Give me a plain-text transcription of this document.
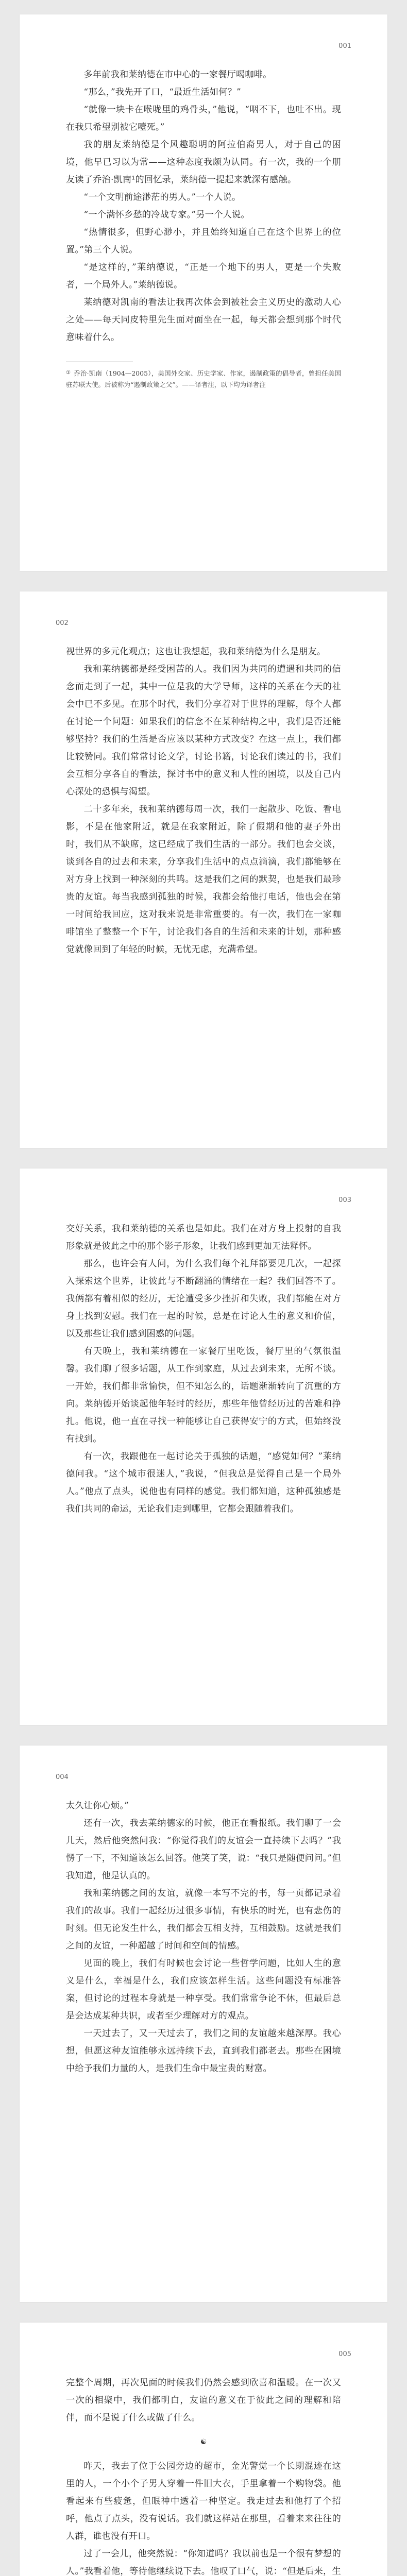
001

多年前我和莱纳德在市中心的一家餐厅喝咖啡。

“那么，”我先开了口，“最近生活如何？”

“就像一块卡在喉咙里的鸡骨头，”他说，“咽不下，也吐不出。现在我只希望别被它噎死。”

我的朋友莱纳德是个风趣聪明的阿拉伯裔男人，对于自己的困境，他早已习以为常——这种态度我颇为认同。有一次，我的一个朋友读了乔治·凯南¹的回忆录，莱纳德一提起来就深有感触。

“一个文明前途渺茫的男人。”一个人说。

“一个满怀乡愁的冷战专家。”另一个人说。

“热情很多，但野心渺小，并且始终知道自己在这个世界上的位置。”第三个人说。

“是这样的，”莱纳德说，“正是一个地下的男人，更是一个失败者，一个局外人。”莱纳德说。

莱纳德对凯南的看法让我再次体会到被社会主义历史的激动人心之处——每天同皮特里先生面对面坐在一起，每天都会想到那个时代意味着什么。

① 乔治·凯南（1904—2005），美国外交家、历史学家、作家，遏制政策的倡导者，曾担任美国驻苏联大使。后被称为“遏制政策之父”。——译者注，以下均为译者注
002

视世界的多元化观点；这也让我想起，我和莱纳德为什么是朋友。

我和莱纳德都是经受困苦的人。我们因为共同的遭遇和共同的信念而走到了一起，其中一位是我的大学导师，这样的关系在今天的社会中已不多见。在那个时代，我们分享着对于世界的理解，每个人都在讨论一个问题：如果我们的信念不在某种结构之中，我们是否还能够坚持？我们的生活是否应该以某种方式改变？在这一点上，我们都比较赞同。我们常常讨论文学，讨论书籍，讨论我们读过的书，我们会互相分享各自的看法，探讨书中的意义和人性的困境，以及自己内心深处的恐惧与渴望。

二十多年来，我和莱纳德每周一次，我们一起散步、吃饭、看电影，不是在他家附近，就是在我家附近，除了假期和他的妻子外出时，我们从不缺席，这已经成了我们生活的一部分。我们也会交谈，谈到各自的过去和未来，分享我们生活中的点点滴滴，我们都能够在对方身上找到一种深刻的共鸣。这是我们之间的默契，也是我们最珍贵的友谊。每当我感到孤独的时候，我都会给他打电话，他也会在第一时间给我回应，这对我来说是非常重要的。有一次，我们在一家咖啡馆坐了整整一个下午，讨论我们各自的生活和未来的计划，那种感觉就像回到了年轻的时候，无忧无虑，充满希望。

003

交好关系，我和莱纳德的关系也是如此。我们在对方身上投射的自我形象就是彼此之中的那个影子形象，让我们感到更加无法释怀。

那么，也许会有人问，为什么我们每个礼拜都要见几次，一起探入探索这个世界，让彼此与不断翻涌的情绪在一起？我们回答不了。我俩都有着相似的经历，无论遭受多少挫折和失败，我们都能在对方身上找到安慰。我们在一起的时候，总是在讨论人生的意义和价值，以及那些让我们感到困惑的问题。

有天晚上，我和莱纳德在一家餐厅里吃饭，餐厅里的气氛很温馨。我们聊了很多话题，从工作到家庭，从过去到未来，无所不谈。一开始，我们都非常愉快，但不知怎么的，话题渐渐转向了沉重的方向。莱纳德开始谈起他年轻时的经历，那些年他曾经历过的苦难和挣扎。他说，他一直在寻找一种能够让自己获得安宁的方式，但始终没有找到。

有一次，我跟他在一起讨论关于孤独的话题，“感觉如何？”莱纳德问我。“这个城市很迷人，”我说，“但我总是觉得自己是一个局外人。”他点了点头，说他也有同样的感觉。我们都知道，这种孤独感是我们共同的命运，无论我们走到哪里，它都会跟随着我们。

004

太久让你心烦。”

还有一次，我去莱纳德家的时候，他正在看报纸。我们聊了一会儿天，然后他突然问我：“你觉得我们的友谊会一直持续下去吗？”我愣了一下，不知道该怎么回答。他笑了笑，说：“我只是随便问问。”但我知道，他是认真的。

我和莱纳德之间的友谊，就像一本写不完的书，每一页都记录着我们的故事。我们一起经历过很多事情，有快乐的时光，也有悲伤的时刻。但无论发生什么，我们都会互相支持，互相鼓励。这就是我们之间的友谊，一种超越了时间和空间的情感。

见面的晚上，我们有时候也会讨论一些哲学问题，比如人生的意义是什么，幸福是什么，我们应该怎样生活。这些问题没有标准答案，但讨论的过程本身就是一种享受。我们常常争论不休，但最后总是会达成某种共识，或者至少理解对方的观点。

一天过去了，又一天过去了，我们之间的友谊越来越深厚。我心想，但愿这种友谊能够永远持续下去，直到我们都老去。那些在困境中给予我们力量的人，是我们生命中最宝贵的财富。

005

完整个周期，再次见面的时候我们仍然会感到欣喜和温暖。在一次又一次的相聚中，我们都明白，友谊的意义在于彼此之间的理解和陪伴，而不是说了什么或做了什么。

☯

昨天，我去了位于公园旁边的超市，金光警觉一个长期混迹在这里的人，一个小个子男人穿着一件旧大衣，手里拿着一个购物袋。他看起来有些疲惫，但眼神中透着一种坚定。我走过去和他打了个招呼，他点了点头，没有说话。我们就这样站在那里，看着来来往往的人群，谁也没有开口。

过了一会儿，他突然说：“你知道吗？我以前也是一个很有梦想的人。”我看着他，等待他继续说下去。他叹了口气，说：“但是后来，生
